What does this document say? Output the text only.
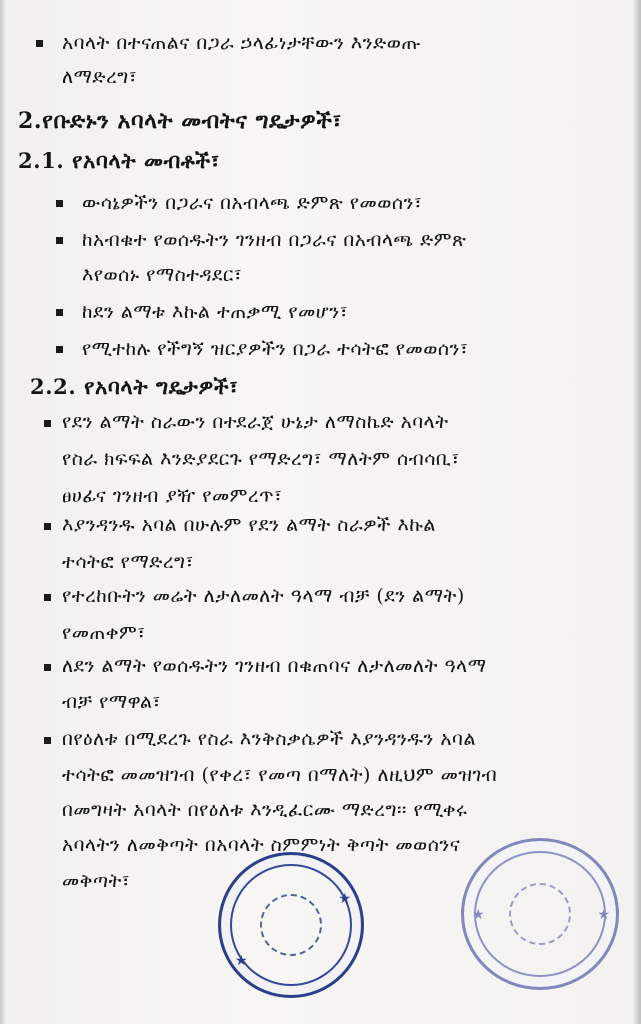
አባላት በተናጠልና በጋራ ኃላፊነታቸውን እንድወጡ
ለማድረግ፣
2.የቡድኑን አባላት መብትና ግዴታዎች፣
2.1. የአባላት መብቶች፣
ውሳኔዎችን በጋራና በአብላጫ ድምጽ የመወሰን፣
ከአብቁተ የወሰዱትን ገንዘብ በጋራና በአብላጫ ድምጽ
እየወሰኑ የማስተዳደር፣
ከደን ልማቱ እኩል ተጠቃሚ የመሆን፣
የሚተከሉ የችግኝ ዝርያዎችን በጋራ ተሳትፎ የመወሰን፣
2.2. የአባላት ግዴታዎች፣
የደን ልማት ስራውን በተደራጀ ሁኔታ ለማስኬድ አባላት
የስራ ክፍፍል እንድያደርጉ የማድረግ፣ ማለትም ሰብሳቢ፣
ፀሀፊና ገንዘብ ያዥ የመምረጥ፣
እያንዳንዱ አባል በሁሉም የደን ልማት ስራዎች እኩል
ተሳትፎ የማድረግ፣
የተረከቡትን መሬት ለታለመለት ዓላማ ብቻ (ደን ልማት)
የመጠቀም፣
ለደን ልማት የወሰዱትን ገንዘብ በቁጠባና ለታለመለት ዓላማ
ብቻ የማዋል፣
በየዕለቱ በሚደረጉ የስራ እንቅስቃሴዎች እያንዳንዱን አባል
ተሳትፎ መመዝገብ (የቀረ፣ የመጣ በማለት) ለዚህም መዝገብ
በመግዛት አባላት በየዕለቱ እንዲፈርሙ ማድረግ፡፡ የሚቀሩ
አባላትን ለመቅጣት በአባላት ስምምነት ቅጣት መወሰንና
መቅጣት፣
★
★
★	★
